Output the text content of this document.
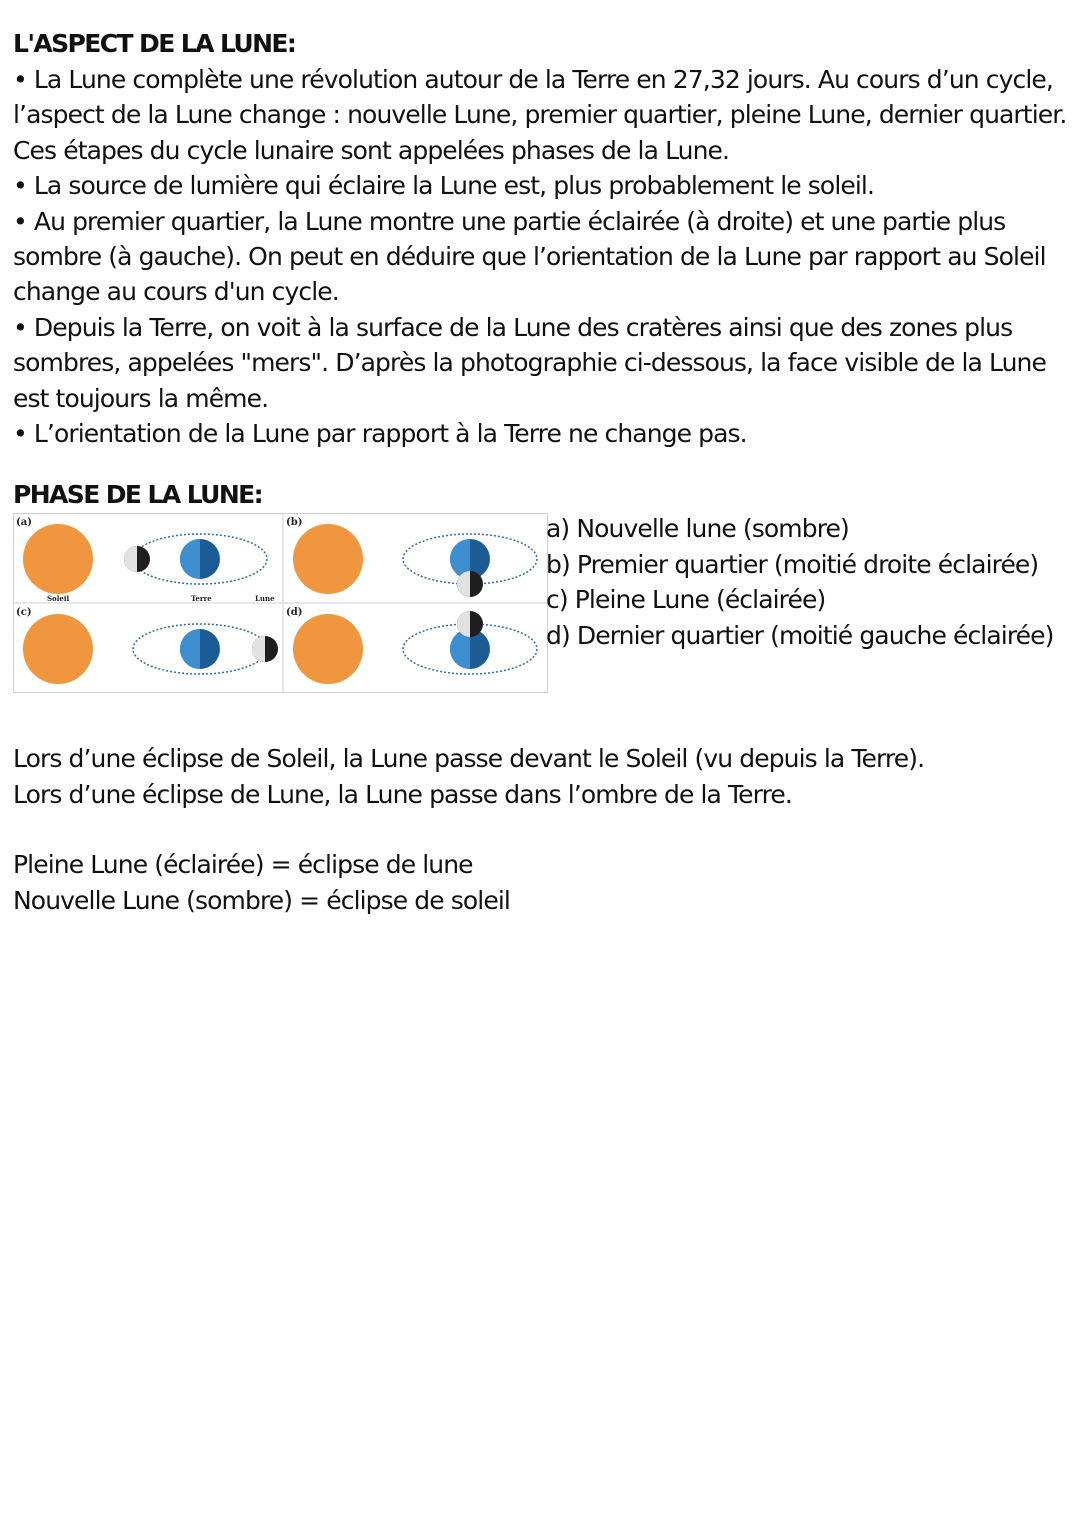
L'ASPECT DE LA LUNE:

• La Lune complète une révolution autour de la Terre en 27,32 jours. Au cours d’un cycle, l’aspect de la Lune change : nouvelle Lune, premier quartier, pleine Lune, dernier quartier. Ces étapes du cycle lunaire sont appelées phases de la Lune.

• La source de lumière qui éclaire la Lune est, plus probablement le soleil.

• Au premier quartier, la Lune montre une partie éclairée (à droite) et une partie plus sombre (à gauche). On peut en déduire que l’orientation de la Lune par rapport au Soleil change au cours d'un cycle.

• Depuis la Terre, on voit à la surface de la Lune des cratères ainsi que des zones plus sombres, appelées "mers". D’après la photographie ci-dessous, la face visible de la Lune est toujours la même.

• L’orientation de la Lune par rapport à la Terre ne change pas.

PHASE DE LA LUNE:
(a)	(b)
(c)	(d)
Soleil	Terre	Lune

a) Nouvelle lune (sombre)

b) Premier quartier (moitié droite éclairée)

c) Pleine Lune (éclairée)

d) Dernier quartier (moitié gauche éclairée)

Lors d’une éclipse de Soleil, la Lune passe devant le Soleil (vu depuis la Terre).

Lors d’une éclipse de Lune, la Lune passe dans l’ombre de la Terre.

Pleine Lune (éclairée) = éclipse de lune

Nouvelle Lune (sombre) = éclipse de soleil
